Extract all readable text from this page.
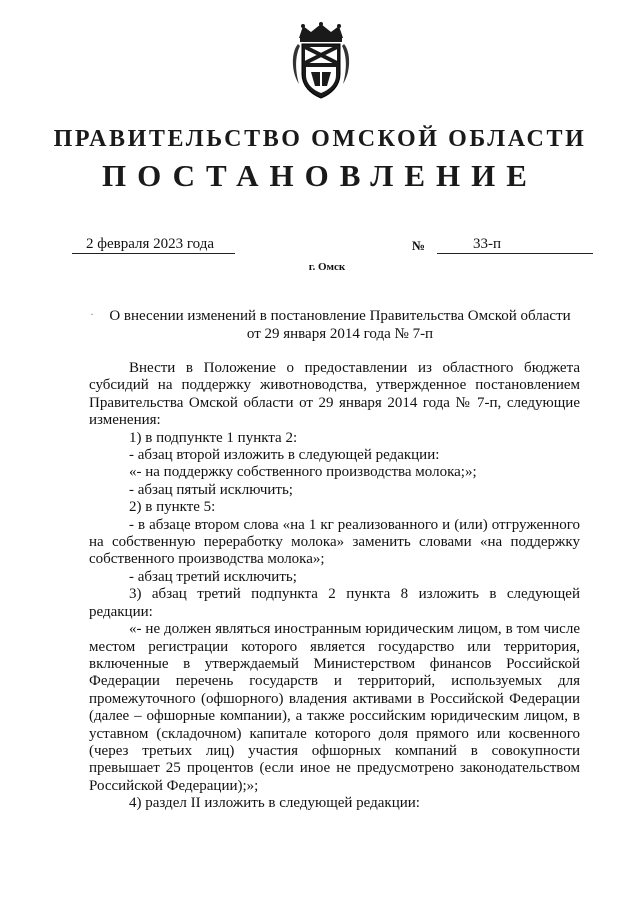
ПРАВИТЕЛЬСТВО ОМСКОЙ ОБЛАСТИ
ПОСТАНОВЛЕНИЕ
2 февраля 2023 года	№	33-п
г. Омск
·	О внесении изменений в постановление Правительства Омской области
от 29 января 2014 года № 7-п

Внести в Положение о предоставлении из областного бюджета субсидий на поддержку животноводства, утвержденное постановлением Правительства Омской области от 29 января 2014 года № 7-п, следующие изменения:

1) в подпункте 1 пункта 2:

- абзац второй изложить в следующей редакции:

«- на поддержку собственного производства молока;»;

- абзац пятый исключить;

2) в пункте 5:

- в абзаце втором слова «на 1 кг реализованного и (или) отгруженного на собственную переработку молока» заменить словами «на поддержку собственного производства молока»;

- абзац третий исключить;

3) абзац третий подпункта 2 пункта 8 изложить в следующей редакции:

«- не должен являться иностранным юридическим лицом, в том числе местом регистрации которого является государство или территория, включенные в утверждаемый Министерством финансов Российской Федерации перечень государств и территорий, используемых для промежуточного (офшорного) владения активами в Российской Федерации (далее – офшорные компании), а также российским юридическим лицом, в уставном (складочном) капитале которого доля прямого или косвенного (через третьих лиц) участия офшорных компаний в совокупности превышает 25 процентов (если иное не предусмотрено законодательством Российской Федерации);»;

4) раздел II изложить в следующей редакции:
